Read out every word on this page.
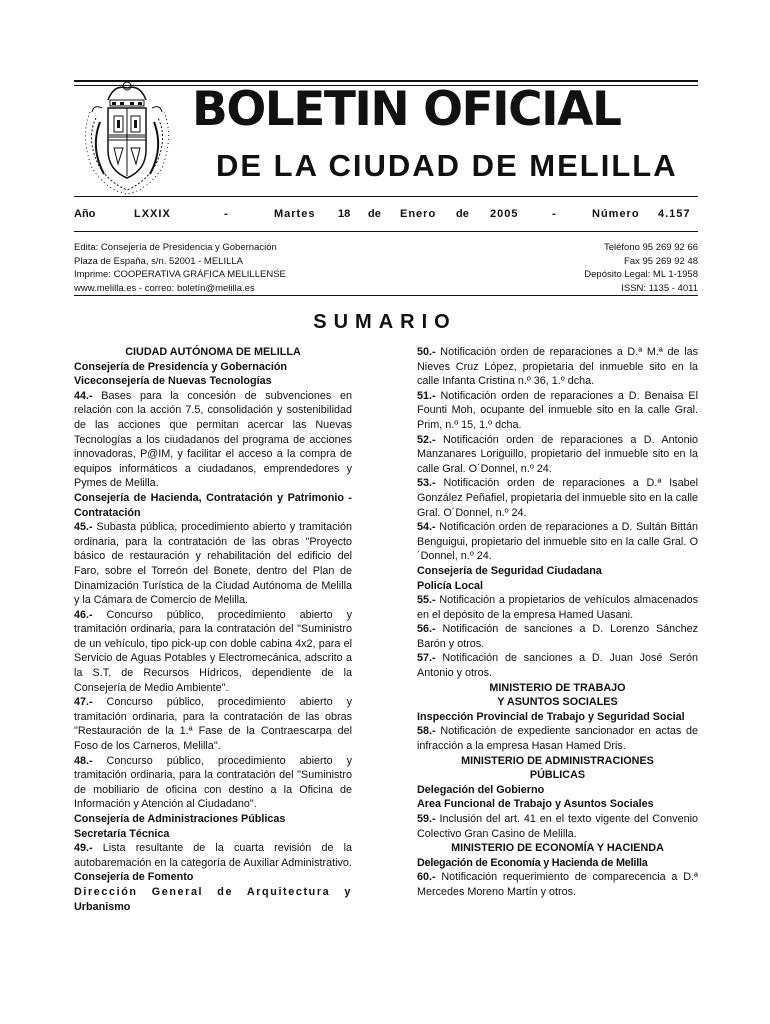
BOLETIN OFICIAL
DE LA CIUDAD DE MELILLA
Año	LXXIX	-	Martes 18 de Enero de 2005	-	Número 4.157
Edita: Consejería de Presidencia y Gobernación
Plaza de España, s/n. 52001 - MELILLA
Imprime: COOPERATIVA GRÁFICA MELILLENSE
www.melilla.es - correo: boletín@melilla.es
Teléfono 95 269 92 66
Fax 95 269 92 48
Depósito Legal: ML 1-1958
ISSN: 1135 - 4011
SUMARIO

CIUDAD AUTÓNOMA DE MELILLA

Consejería de Presidencia y Gobernación

Viceconsejería de Nuevas Tecnologías

44.- Bases para la concesión de subvenciones en relación con la acción 7.5, consolidación y sostenibilidad de las acciones que permitan acercar las Nuevas Tecnologías a los ciudadanos del programa de acciones innovadoras, P@IM, y facilitar el acceso a la compra de equipos informáticos a ciudadanos, emprendedores y Pymes de Melilla.

Consejería de Hacienda, Contratación y Patrimonio - Contratación

45.- Subasta pública, procedimiento abierto y tramitación ordinaria, para la contratación de las obras "Proyecto básico de restauración y rehabilitación del edificio del Faro, sobre el Torreón del Bonete, dentro del Plan de Dinamización Turística de la Ciudad Autónoma de Melilla y la Cámara de Comercio de Melilla.

46.- Concurso público, procedimiento abierto y tramitación ordinaria, para la contratación del "Suministro de un vehículo, tipo pick-up con doble cabina 4x2, para el Servicio de Aguas Potables y Electromecánica, adscrito a la S.T. de Recursos Hídricos, dependiente de la Consejería de Medio Ambiente".

47.- Concurso público, procedimiento abierto y tramitación ordinaria, para la contratación de las obras "Restauración de la 1.ª Fase de la Contraescarpa del Foso de los Carneros, Melilla".

48.- Concurso público, procedimiento abierto y tramitación ordinaria, para la contratación del "Suministro de mobiliario de oficina con destino a la Oficina de Información y Atención al Ciudadano".

Consejería de Administraciones Públicas

Secretaría Técnica

49.- Lista resultante de la cuarta revisión de la autobaremación en la categoría de Auxiliar Administrativo.

Consejería de Fomento

Dirección General de Arquitectura y

Urbanismo

50.- Notificación orden de reparaciones a D.ª M.ª de las Nieves Cruz López, propietaria del inmueble sito en la calle Infanta Cristina n.º 36, 1.º dcha.

51.- Notificación orden de reparaciones a D. Benaisa El Founti Moh, ocupante del inmueble sito en la calle Gral. Prim, n.º 15, 1.º dcha.

52.- Notificación orden de reparaciones a D. Antonio Manzanares Loriguillo, propietario del inmueble sito en la calle Gral. O´Donnel, n.º 24.

53.- Notificación orden de reparaciones a D.ª Isabel González Peñafiel, propietaria del inmueble sito en la calle Gral. O´Donnel, n.º 24.

54.- Notificación orden de reparaciones a D. Sultán Bittán Benguigui, propietario del inmueble sito en la calle Gral. O´Donnel, n.º 24.

Consejería de Seguridad Ciudadana

Policía Local

55.- Notificación a propietarios de vehículos almacenados en el depósito de la empresa Hamed Uasani.

56.- Notificación de sanciones a D. Lorenzo Sánchez Barón y otros.

57.- Notificación de sanciones a D. Juan José Serón Antonio y otros.

MINISTERIO DE TRABAJO

Y ASUNTOS SOCIALES

Inspección Provincial de Trabajo y Seguridad Social

58.- Notificación de expediente sancionador en actas de infracción a la empresa Hasan Hamed Dris.

MINISTERIO DE ADMINISTRACIONES

PÚBLICAS

Delegación del Gobierno

Area Funcional de Trabajo y Asuntos Sociales

59.- Inclusión del art. 41 en el texto vigente del Convenio Colectivo Gran Casino de Melilla.

MINISTERIO DE ECONOMÍA Y HACIENDA

Delegación de Economía y Hacienda de Melilla

60.- Notificación requerimiento de comparecencia a D.ª Mercedes Moreno Martín y otros.
